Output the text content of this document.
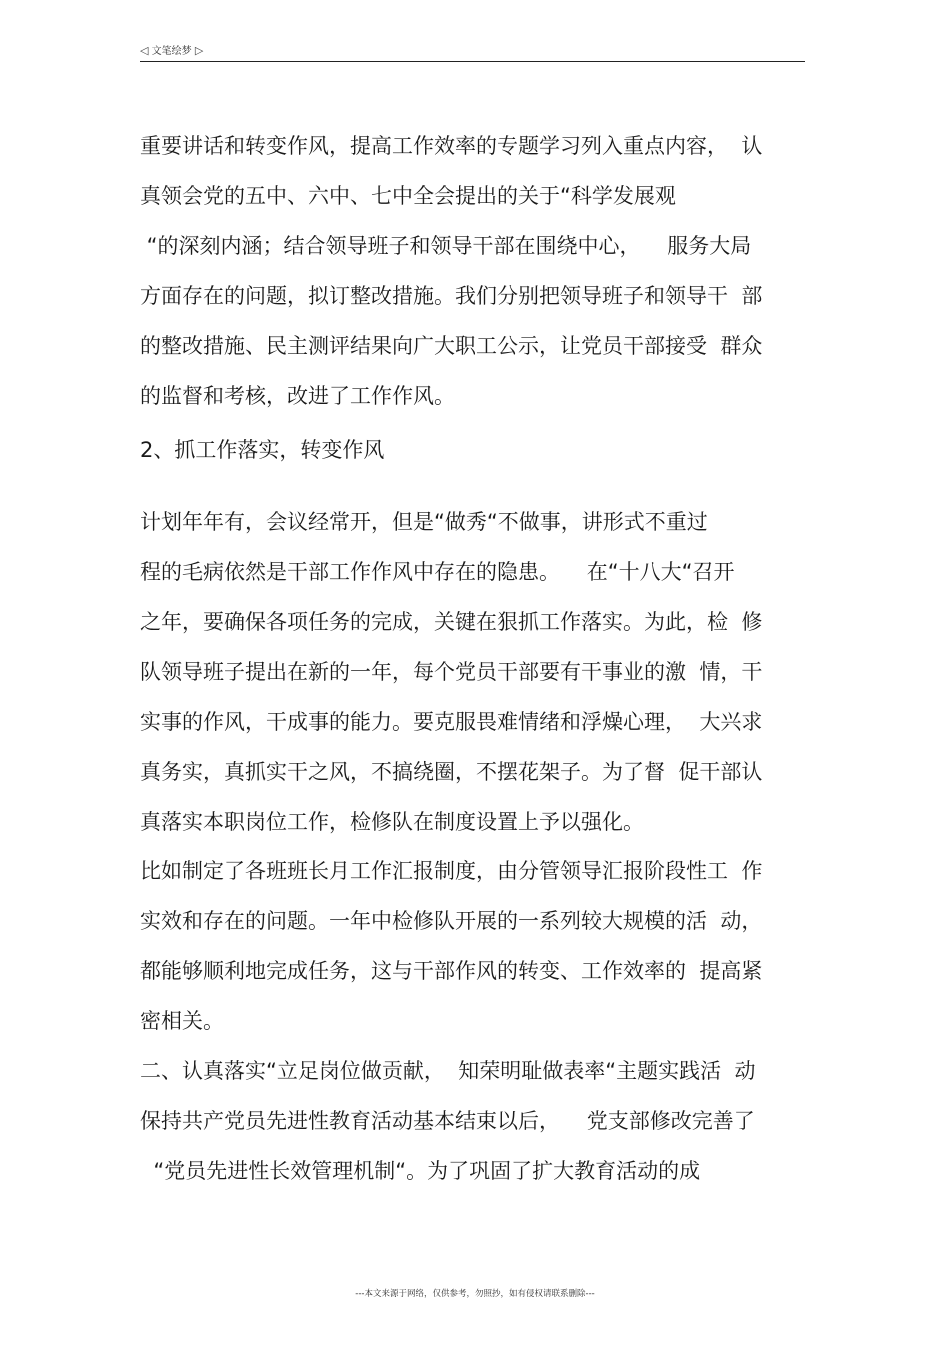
◁ 文笔绘梦 ▷
重要讲话和转变作风，提高工作效率的专题学习列入重点内容，  认
真领会党的五中、六中、七中全会提出的关于“科学发展观
“的深刻内涵；结合领导班子和领导干部在围绕中心，    服务大局
方面存在的问题，拟订整改措施。我们分别把领导班子和领导干  部
的整改措施、民主测评结果向广大职工公示，让党员干部接受  群众
的监督和考核，改进了工作作风。
2、抓工作落实，转变作风
计划年年有，会议经常开，但是“做秀“不做事，讲形式不重过
程的毛病依然是干部工作作风中存在的隐患。    在“十八大“召开
之年，要确保各项任务的完成，关键在狠抓工作落实。为此，检  修
队领导班子提出在新的一年，每个党员干部要有干事业的激  情，干
实事的作风，干成事的能力。要克服畏难情绪和浮燥心理，  大兴求
真务实，真抓实干之风，不搞绕圈，不摆花架子。为了督  促干部认
真落实本职岗位工作，检修队在制度设置上予以强化。
比如制定了各班班长月工作汇报制度，由分管领导汇报阶段性工  作
实效和存在的问题。一年中检修队开展的一系列较大规模的活  动，
都能够顺利地完成任务，这与干部作风的转变、工作效率的  提高紧
密相关。
二、认真落实“立足岗位做贡献，  知荣明耻做表率“主题实践活  动
保持共产党员先进性教育活动基本结束以后，    党支部修改完善了
“党员先进性长效管理机制“。为了巩固了扩大教育活动的成
---本文来源于网络，仅供参考，勿照抄，如有侵权请联系删除---
